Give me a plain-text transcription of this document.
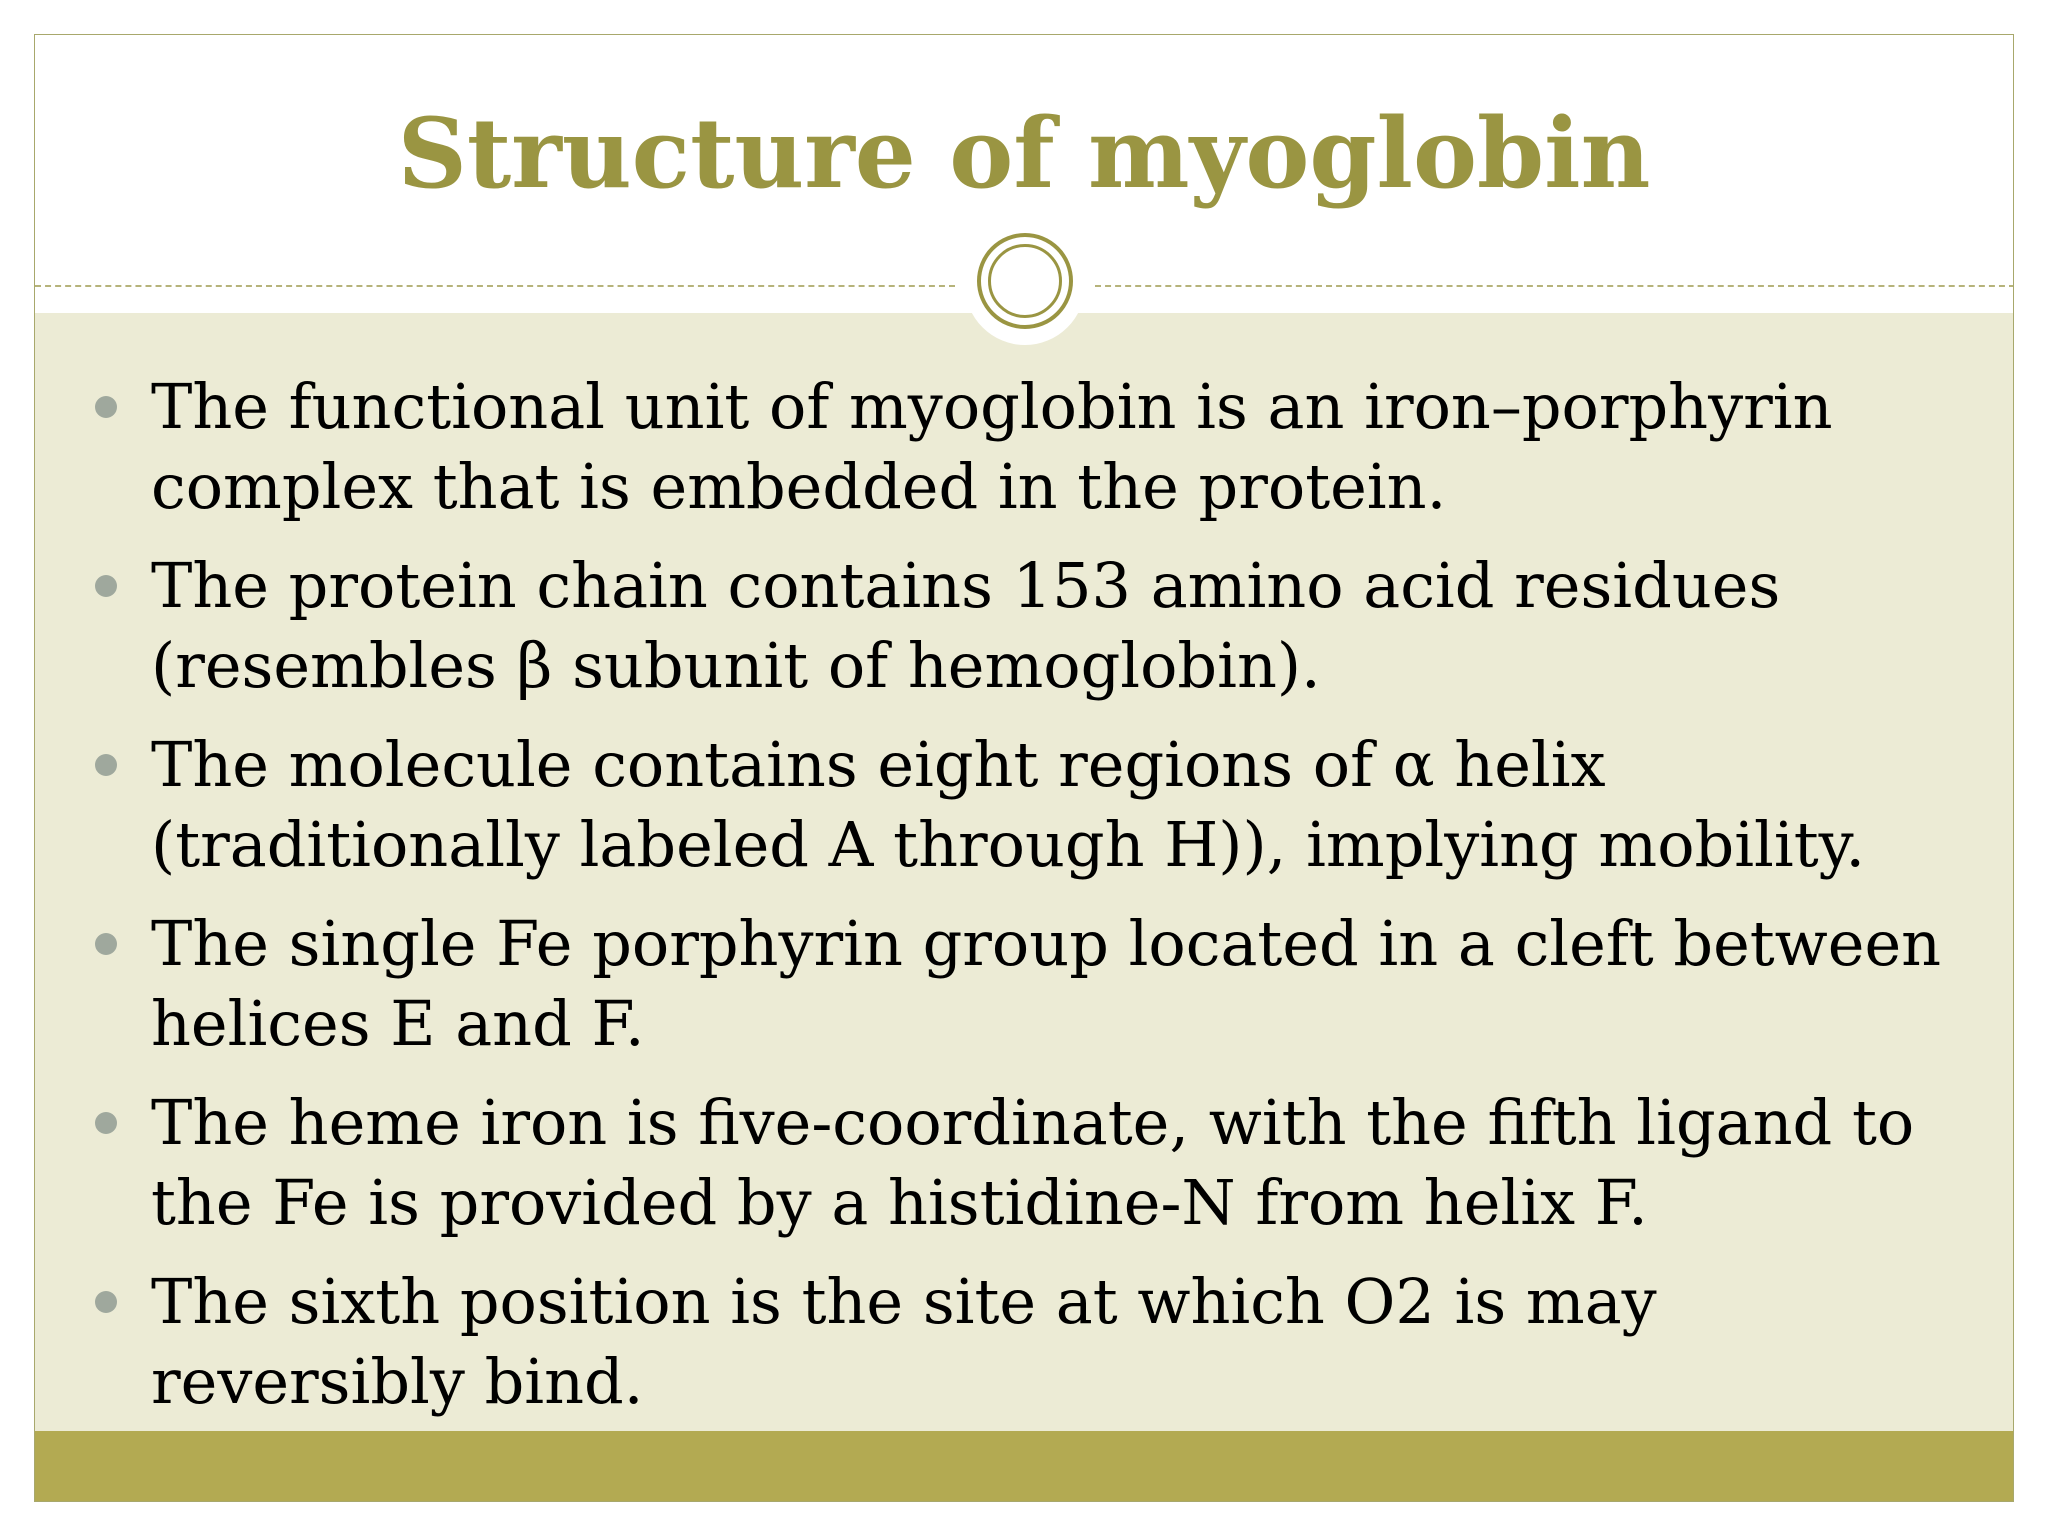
Structure of myoglobin
The functional unit of myoglobin is an iron–porphyrin complex that is embedded in the protein.
The protein chain contains 153 amino acid residues (resembles β subunit of hemoglobin).
The molecule contains eight regions of α helix (traditionally labeled A through H)), implying mobility.
The single Fe porphyrin group located in a cleft between helices E and F.
The heme iron is five-coordinate, with the fifth ligand to the Fe is provided by a histidine-N from helix F.
The sixth position is the site at which O2 is may reversibly bind.
